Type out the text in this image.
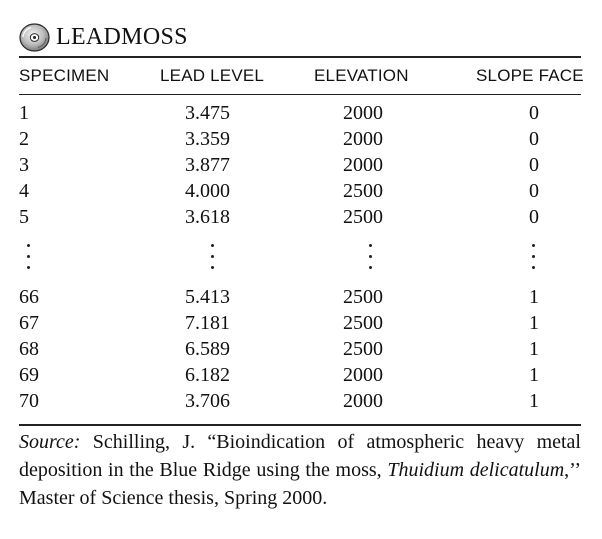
LEADMOSS
SPECIMEN	LEAD LEVEL	ELEVATION	SLOPE FACE
1	3.475	2000	0
2	3.359	2000	0
3	3.877	2000	0
4	4.000	2500	0
5	3.618	2500	0
66	5.413	2500	1
67	7.181	2500	1
68	6.589	2500	1
69	6.182	2000	1
70	3.706	2000	1
Source: Schilling, J. “Bioindication of atmospheric heavy metal deposition in the Blue Ridge using the moss, Thuidium delicatulum,’’ Master of Science thesis, Spring 2000.
